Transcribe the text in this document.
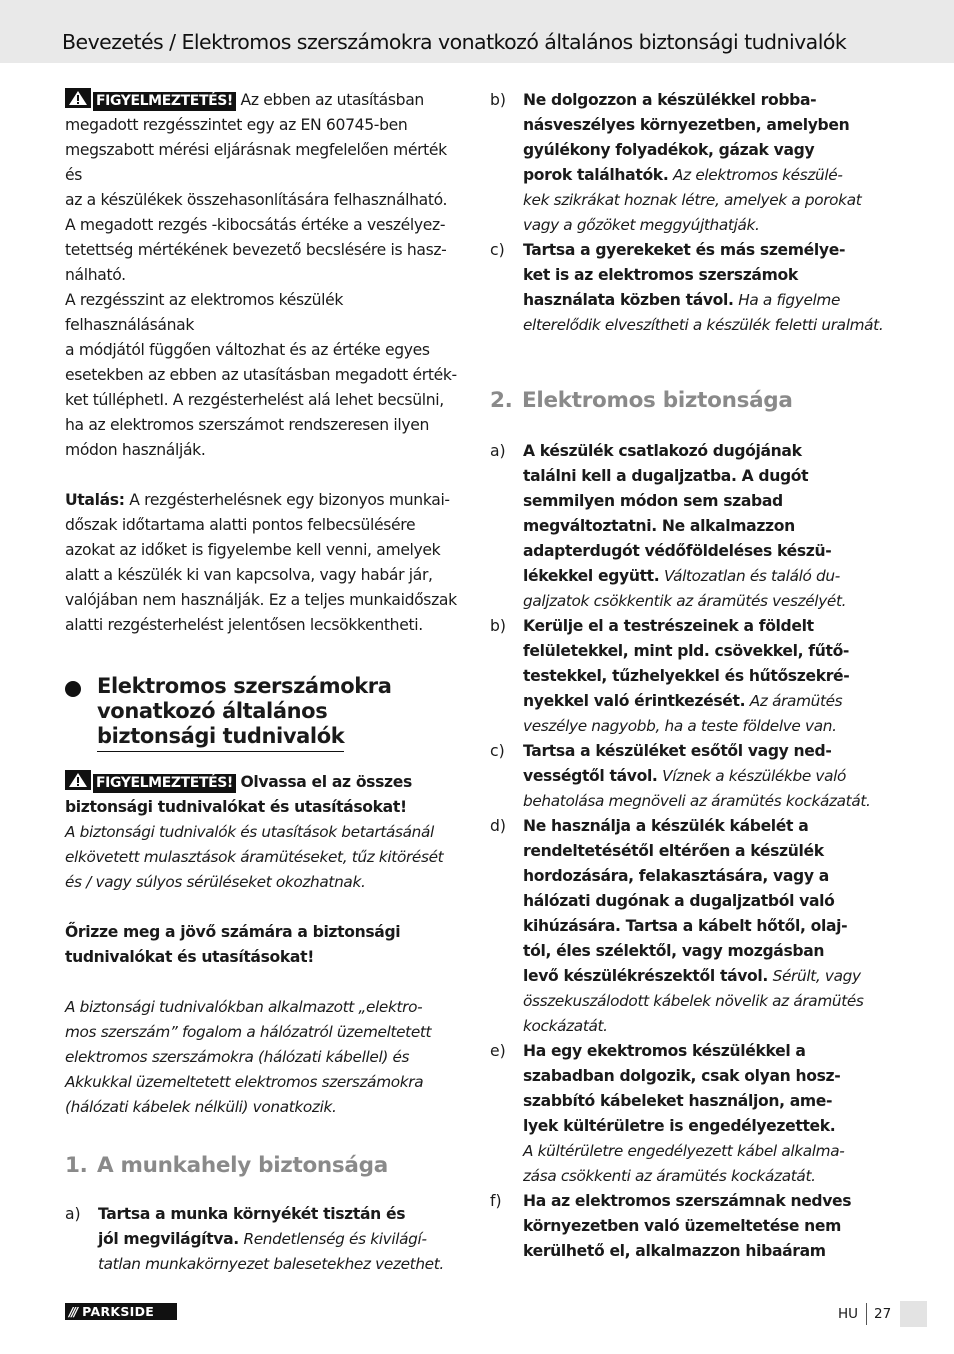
Bevezetés / Elektromos szerszámokra vonatkozó általános biztonsági tudnivalók
FIGYELMEZTETÉS! Az ebben az utasításban
megadott rezgésszintet egy az EN 60745-ben
megszabott mérési eljárásnak megfelelően mérték és
az a készülékek összehasonlítására felhasználható.
A megadott rezgés -kibocsátás értéke a veszélyez-
tetettség mértékének bevezető becslésére is hasz-
nálható.
A rezgésszint az elektromos készülék felhasználásának
a módjától függően változhat és az értéke egyes
esetekben az ebben az utasításban megadott érték-
ket túlléphetI. A rezgésterhelést alá lehet becsülni,
ha az elektromos szerszámot rendszeresen ilyen
módon használják.
Utalás: A rezgésterhelésnek egy bizonyos munkai-
dőszak időtartama alatti pontos felbecsülésére
azokat az időket is figyelembe kell venni, amelyek
alatt a készülék ki van kapcsolva, vagy habár jár,
valójában nem használják. Ez a teljes munkaidőszak
alatti rezgésterhelést jelentősen lecsökkentheti.
Elektromos szerszámokra
vonatkozó általános
biztonsági tudnivalók
FIGYELMEZTETÉS! Olvassa el az összes
biztonsági tudnivalókat és utasításokat!
A biztonsági tudnivalók és utasítások betartásánál
elkövetett mulasztások áramütéseket, tűz kitörését
és / vagy súlyos sérüléseket okozhatnak.
Őrizze meg a jövő számára a biztonsági
tudnivalókat és utasításokat!
A biztonsági tudnivalókban alkalmazott „elektro-
mos szerszám” fogalom a hálózatról üzemeltetett
elektromos szerszámokra (hálózati kábellel) és
Akkukkal üzemeltetett elektromos szerszámokra
(hálózati kábelek nélküli) vonatkozik.
1. A munkahely biztonsága
a)	Tartsa a munka környékét tisztán és
jól megvilágítva. Rendetlenség és kivilágí-
tatlan munkakörnyezet balesetekhez vezethet.
b)	Ne dolgozzon a készülékkel robba-
násveszélyes környezetben, amelyben
gyúlékony folyadékok, gázak vagy
porok találhatók. Az elektromos készülé-
kek szikrákat hoznak létre, amelyek a porokat
vagy a gőzöket meggyújthatják.
c)	Tartsa a gyerekeket és más személye-
ket is az elektromos szerszámok
használata közben távol. Ha a figyelme
elterelődik elveszítheti a készülék feletti uralmát.
2. Elektromos biztonsága
a)	A készülék csatlakozó dugójának
találni kell a dugaljzatba. A dugót
semmilyen módon sem szabad
megváltoztatni. Ne alkalmazzon
adapterdugót védőföldeléses készü-
lékekkel együtt. Változatlan és találó du-
galjzatok csökkentik az áramütés veszélyét.
b)	Kerülje el a testrészeinek a földelt
felületekkel, mint pld. csövekkel, fűtő-
testekkel, tűzhelyekkel és hűtőszekré-
nyekkel való érintkezését. Az áramütés
veszélye nagyobb, ha a teste földelve van.
c)	Tartsa a készüléket esőtől vagy ned-
vességtől távol. Víznek a készülékbe való
behatolása megnöveli az áramütés kockázatát.
d)	Ne használja a készülék kábelét a
rendeltetésétől eltérően a készülék
hordozására, felakasztására, vagy a
hálózati dugónak a dugaljzatból való
kihúzására. Tartsa a kábelt hőtől, olaj-
tól, éles szélektől, vagy mozgásban
levő készülékrészektől távol. Sérült, vagy
összekuszálodott kábelek növelik az áramütés
kockázatát.
e)	Ha egy ekektromos készülékkel a
szabadban dolgozik, csak olyan hosz-
szabbító kábeleket használjon, ame-
lyek kültérületre is engedélyezettek.
A kültérületre engedélyezett kábel alkalma-
zása csökkenti az áramütés kockázatát.
f)	Ha az elektromos szerszámnak nedves
környezetben való üzemeltetése nem
kerülhető el, alkalmazzon hibaáram
/// PARKSIDE	HU 27
